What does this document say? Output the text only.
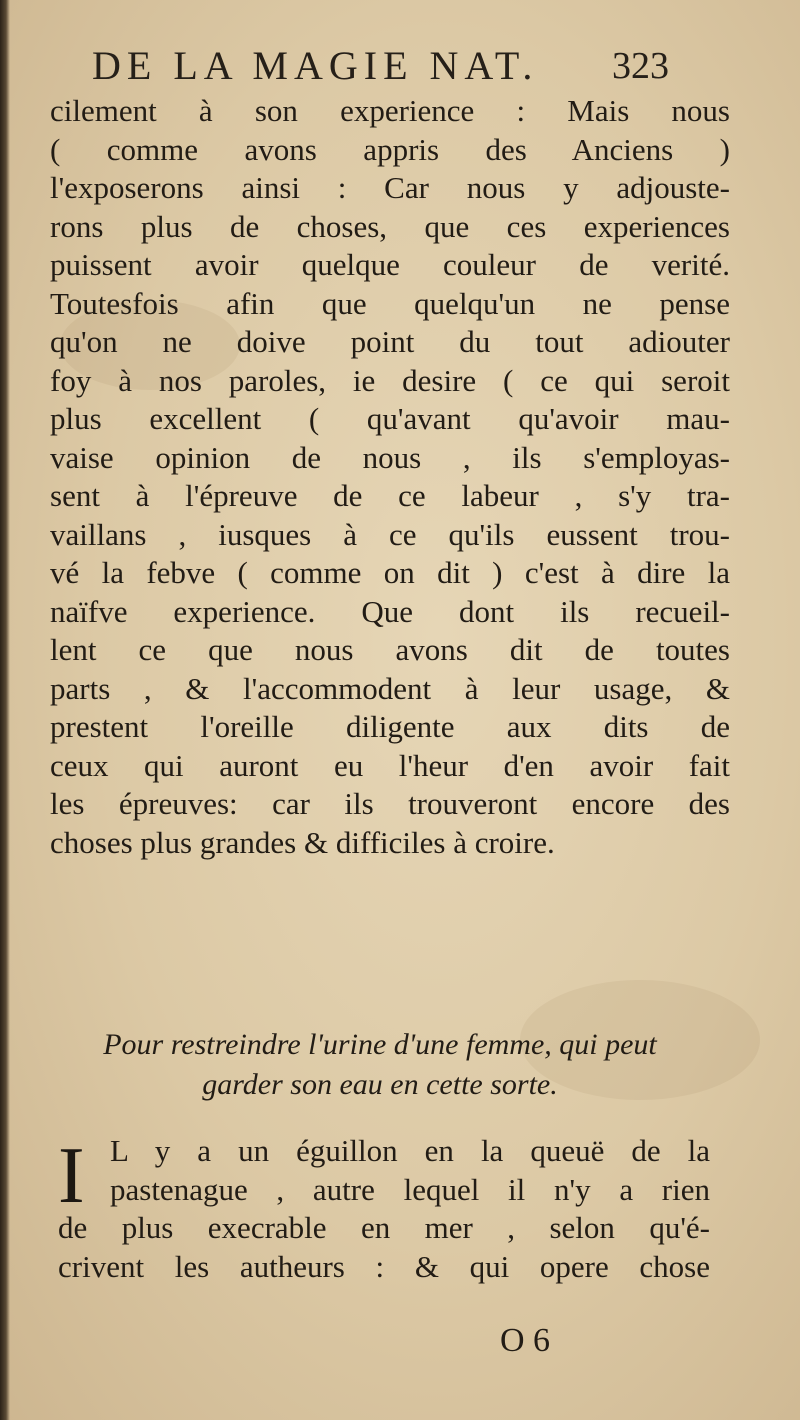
DE LA MAGIE NAT. 323
cilement à son experience : Mais nous
( comme avons appris des Anciens )
l'exposerons ainsi : Car nous y adjouste-
rons plus de choses, que ces experiences
puissent avoir quelque couleur de verité.
Toutesfois afin que quelqu'un ne pense
qu'on ne doive point du tout adiouter
foy à nos paroles, ie desire ( ce qui seroit
plus excellent ( qu'avant qu'avoir mau-
vaise opinion de nous , ils s'employas-
sent à l'épreuve de ce labeur , s'y tra-
vaillans , iusques à ce qu'ils eussent trou-
vé la febve ( comme on dit ) c'est à dire la
naïfve experience. Que dont ils recueil-
lent ce que nous avons dit de toutes
parts , & l'accommodent à leur usage, &
prestent l'oreille diligente aux dits de
ceux qui auront eu l'heur d'en avoir fait
les épreuves: car ils trouveront encore des
choses plus grandes & difficiles à croire.
Pour restreindre l'urine d'une femme, qui peut
garder son eau en cette sorte.
I L y a un éguillon en la queuë de la
pastenague , autre lequel il n'y a rien
de plus execrable en mer , selon qu'é-
crivent les autheurs : & qui opere chose
O 6
